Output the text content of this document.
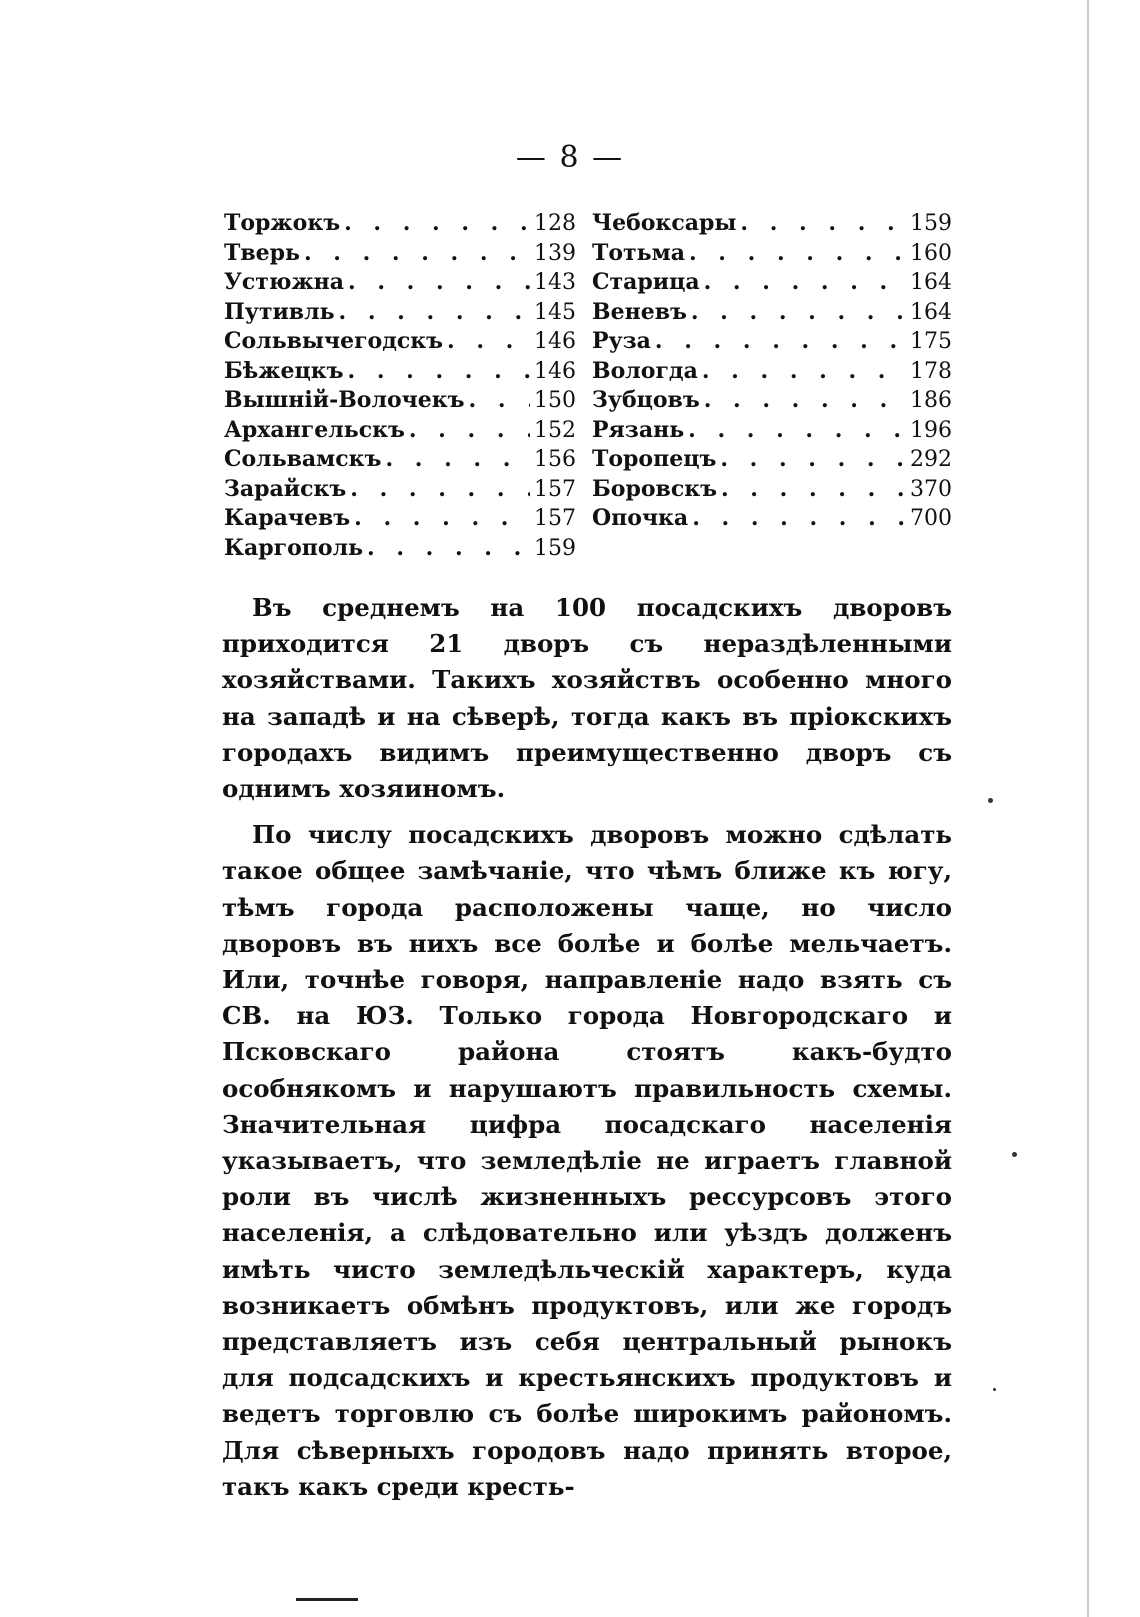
— 8 —
Торжокъ . . .	128
Тверь . . .	139
Устюжна . . .	143
Путивль . . .	145
Сольвычегодскъ . . .	146
Бѣжецкъ . . .	146
Вышній-Волочекъ . . .	150
Архангельскъ . . .	152
Сольвамскъ . . .	156
Зарайскъ . . .	157
Карачевъ . . .	157
Каргополь . . .	159
Чебоксары . . .	159
Тотьма . . .	160
Старица . . .	164
Веневъ . . .	164
Руза . . .	175
Вологда . . .	178
Зубцовъ . . .	186
Рязань . . .	196
Торопецъ . . .	292
Боровскъ . . .	370
Опочка . . .	700

Въ среднемъ на 100 посадскихъ дворовъ приходится 21 дворъ съ нераздѣленными хозяйствами. Такихъ хозяйствъ особенно много на западѣ и на сѣверѣ, тогда какъ въ пріокскихъ городахъ видимъ преимущественно дворъ съ однимъ хозяиномъ.

По числу посадскихъ дворовъ можно сдѣлать такое общее замѣчаніе, что чѣмъ ближе къ югу, тѣмъ города расположены чаще, но число дворовъ въ нихъ все болѣе и болѣе мельчаетъ. Или, точнѣе говоря, направленіе надо взять съ СВ. на ЮЗ. Только города Новгородскаго и Псковскаго района стоятъ какъ-будто особнякомъ и нарушаютъ правильность схемы. Значительная цифра посадскаго населенія указываетъ, что земледѣліе не играетъ главной роли въ числѣ жизненныхъ рессурсовъ этого населенія, а слѣдовательно или уѣздъ долженъ имѣть чисто земледѣльческій характеръ, куда возникаетъ обмѣнъ продуктовъ, или же городъ представляетъ изъ себя центральный рынокъ для подсадскихъ и крестьянскихъ продуктовъ и ведетъ торговлю съ болѣе широкимъ райономъ. Для сѣверныхъ городовъ надо принять второе, такъ какъ среди кресть-
